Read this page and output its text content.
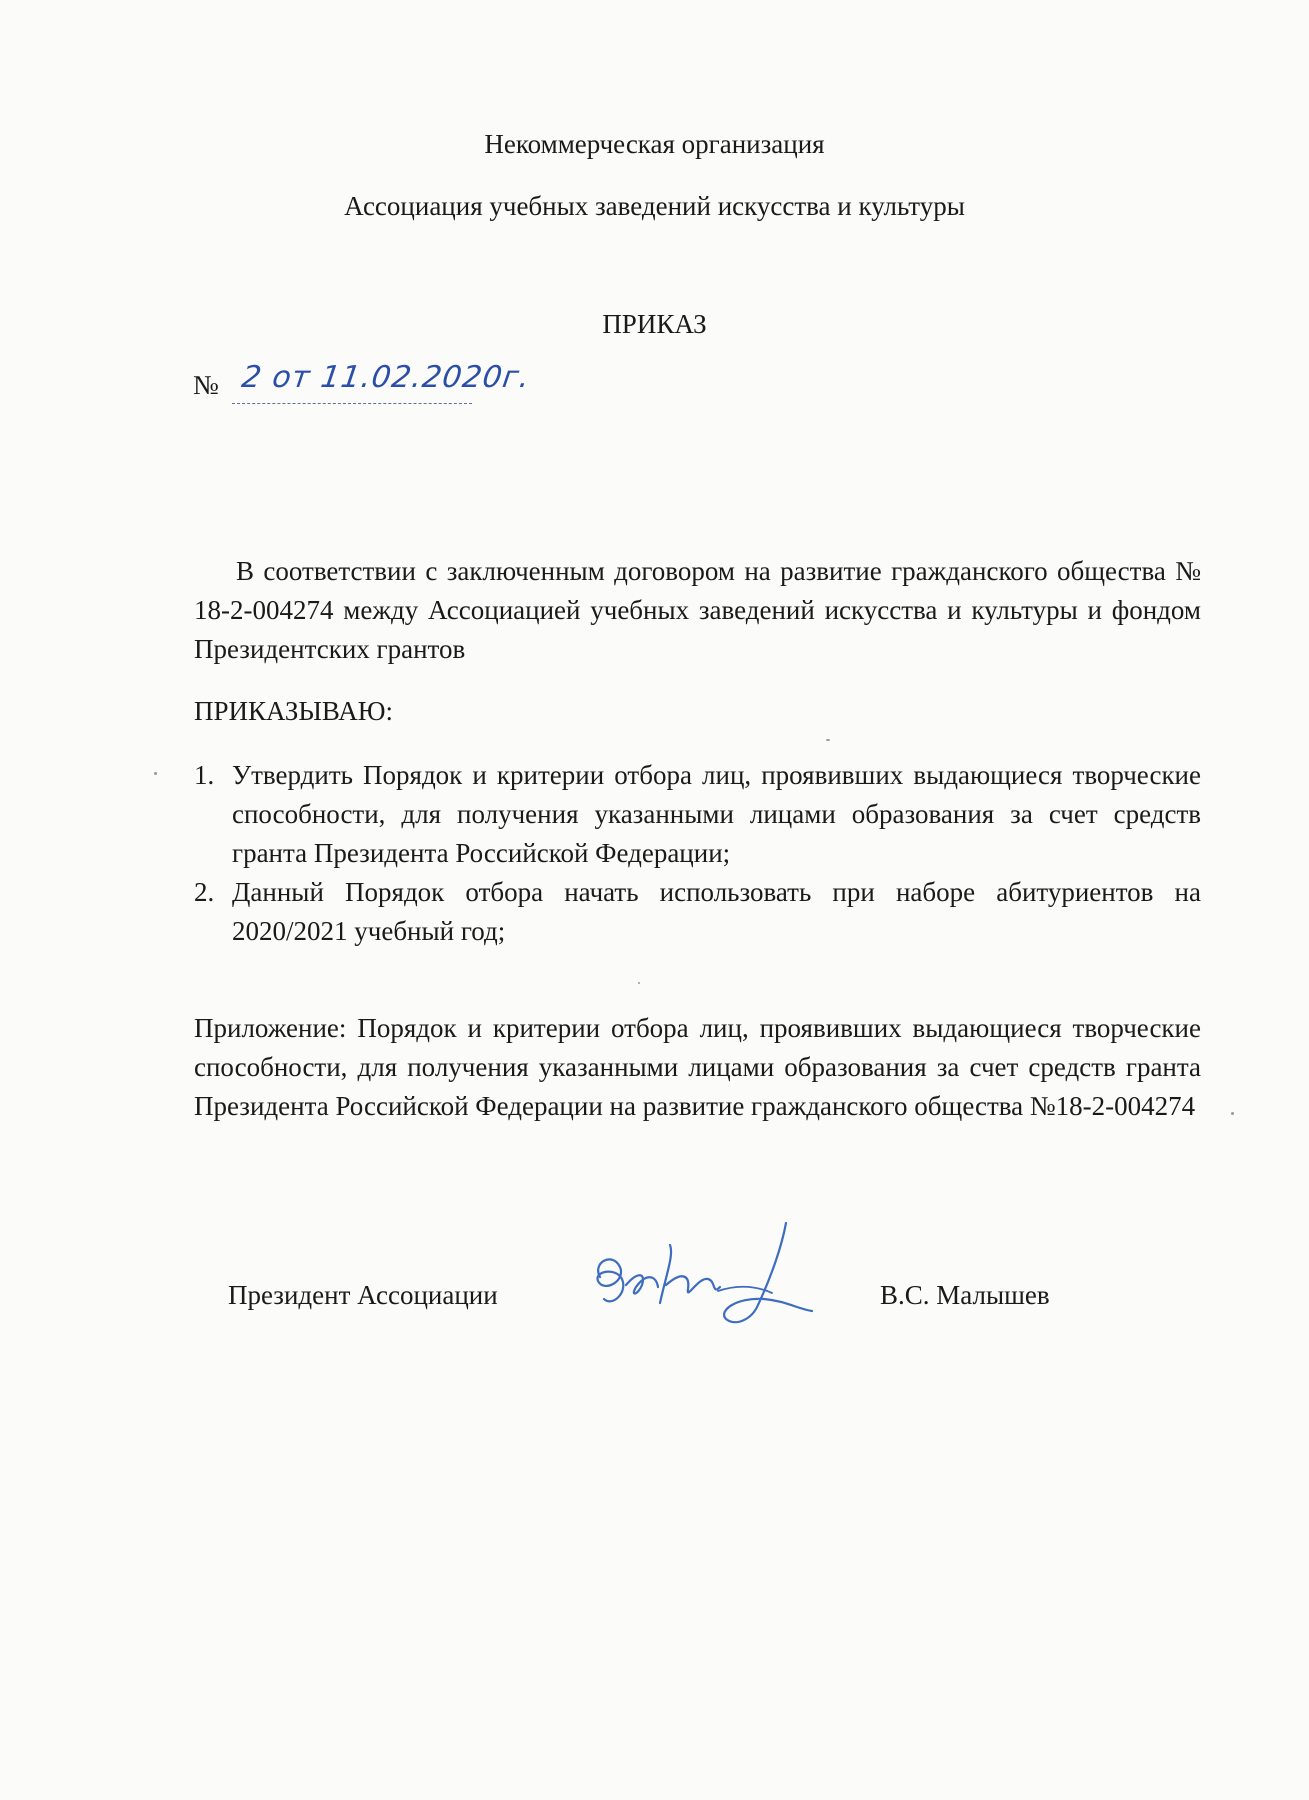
Некоммерческая организация
Ассоциация учебных заведений искусства и культуры
ПРИКАЗ
№ 2 от 11.02.2020г.
В соответствии с заключенным договором на развитие гражданского общества № 18-2-004274 между Ассоциацией учебных заведений искусства и культуры и фондом Президентских грантов
ПРИКАЗЫВАЮ:
1. Утвердить Порядок и критерии отбора лиц, проявивших выдающиеся творческие способности, для получения указанными лицами образования за счет средств гранта Президента Российской Федерации;
2. Данный Порядок отбора начать использовать при наборе абитуриентов на 2020/2021 учебный год;
Приложение: Порядок и критерии отбора лиц, проявивших выдающиеся творческие способности, для получения указанными лицами образования за счет средств гранта Президента Российской Федерации на развитие гражданского общества №18-2-004274
Президент Ассоциации	В.С. Малышев
